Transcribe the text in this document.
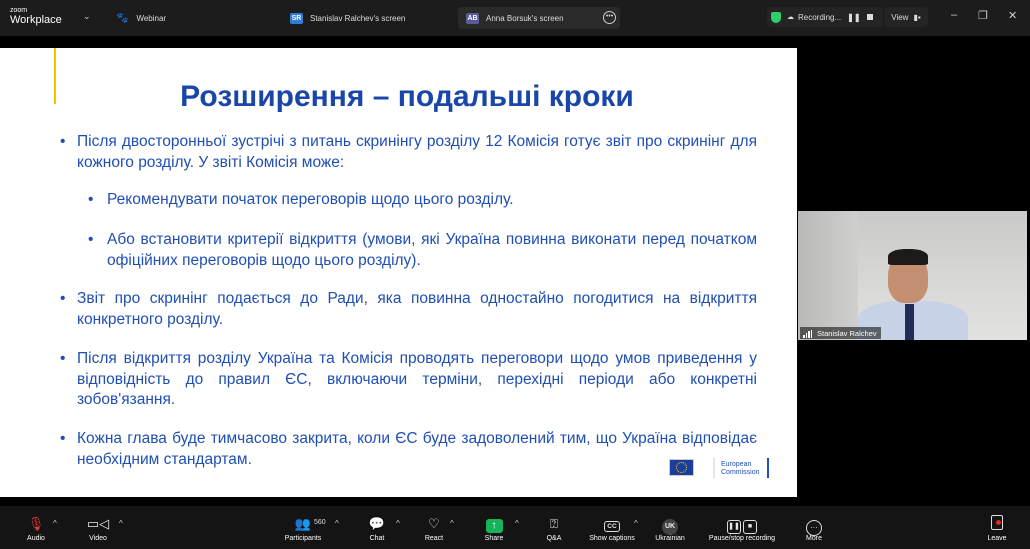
zoom
Workplace ⌄	🐾 Webinar	SR Stanislav Ralchev's screen	AB Anna Borsuk's screen	•••	☁ Recording... ❚❚	View ▮▪	– ❐ ✕
Розширення – подальші кроки
• Після двосторонньої зустрічі з питань скринінгу розділу 12 Комісія готує звіт про скринінг для кожного розділу. У звіті Комісія може:
• Рекомендувати початок переговорів щодо цього розділу.
• Або встановити критерії відкриття (умови, які Україна повинна виконати перед початком офіційних переговорів щодо цього розділу).
• Звіт про скринінг подається до Ради, яка повинна одностайно погодитися на відкриття конкретного розділу.
• Після відкриття розділу Україна та Комісія проводять переговори щодо умов приведення у відповідність до правил ЄС, включаючи терміни, перехідні періоди або конкретні зобов'язання.
• Кожна глава буде тимчасово закрита, коли ЄС буде задоволений тим, що Україна відповідає необхідним стандартам.	European
Commission
Stanislav Ralchev
🎙
Audio
^	▭◁
Video
^	👥
Participants
560 ^	💬
Chat
^	♡
React
^	↑
Share
^	⍰
Q&A
CC
Show captions
^	UK
Ukrainian
❚❚	■
Pause/stop recording
…
More	Leave
